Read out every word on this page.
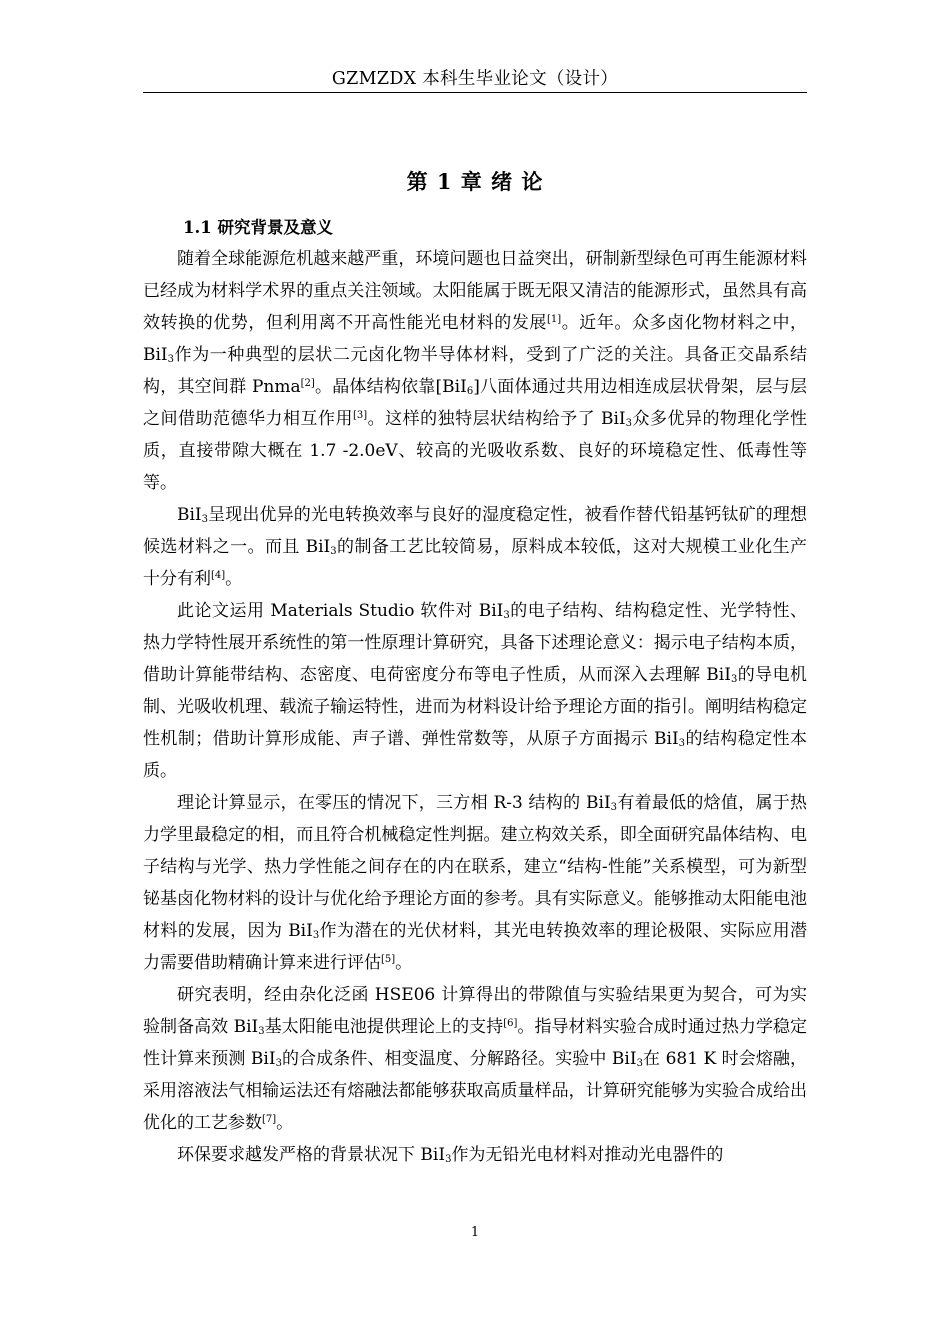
GZMZDX 本科生毕业论文（设计）
第 1 章 绪 论
1.1 研究背景及意义

随着全球能源危机越来越严重，环境问题也日益突出，研制新型绿色可再生能源材料已经成为材料学术界的重点关注领域。太阳能属于既无限又清洁的能源形式，虽然具有高效转换的优势，但利用离不开高性能光电材料的发展[1]。近年。众多卤化物材料之中，BiI$_3$作为一种典型的层状二元卤化物半导体材料，受到了广泛的关注。具备正交晶系结构，其空间群 Pnma[2]。晶体结构依靠[BiI$_6$]八面体通过共用边相连成层状骨架，层与层之间借助范德华力相互作用[3]。这样的独特层状结构给予了 BiI$_3$众多优异的物理化学性质，直接带隙大概在 1.7 -2.0eV、较高的光吸收系数、良好的环境稳定性、低毒性等等。

BiI$_3$呈现出优异的光电转换效率与良好的湿度稳定性，被看作替代铅基钙钛矿的理想候选材料之一。而且 BiI$_3$的制备工艺比较简易，原料成本较低，这对大规模工业化生产十分有利[4]。

此论文运用 Materials Studio 软件对 BiI$_3$的电子结构、结构稳定性、光学特性、热力学特性展开系统性的第一性原理计算研究，具备下述理论意义：揭示电子结构本质，借助计算能带结构、态密度、电荷密度分布等电子性质，从而深入去理解 BiI$_3$的导电机制、光吸收机理、载流子输运特性，进而为材料设计给予理论方面的指引。阐明结构稳定性机制；借助计算形成能、声子谱、弹性常数等，从原子方面揭示 BiI$_3$的结构稳定性本质。

理论计算显示，在零压的情况下，三方相 R-3 结构的 BiI$_3$有着最低的焓值，属于热力学里最稳定的相，而且符合机械稳定性判据。建立构效关系，即全面研究晶体结构、电子结构与光学、热力学性能之间存在的内在联系，建立“结构-性能”关系模型，可为新型铋基卤化物材料的设计与优化给予理论方面的参考。具有实际意义。能够推动太阳能电池材料的发展，因为 BiI$_3$作为潜在的光伏材料，其光电转换效率的理论极限、实际应用潜力需要借助精确计算来进行评估[5]。

研究表明，经由杂化泛函 HSE06 计算得出的带隙值与实验结果更为契合，可为实验制备高效 BiI$_3$基太阳能电池提供理论上的支持[6]。指导材料实验合成时通过热力学稳定性计算来预测 BiI$_3$的合成条件、相变温度、分解路径。实验中 BiI$_3$在 681 K 时会熔融，采用溶液法气相输运法还有熔融法都能够获取高质量样品，计算研究能够为实验合成给出优化的工艺参数[7]。

环保要求越发严格的背景状况下 BiI$_3$作为无铅光电材料对推动光电器件的

1
